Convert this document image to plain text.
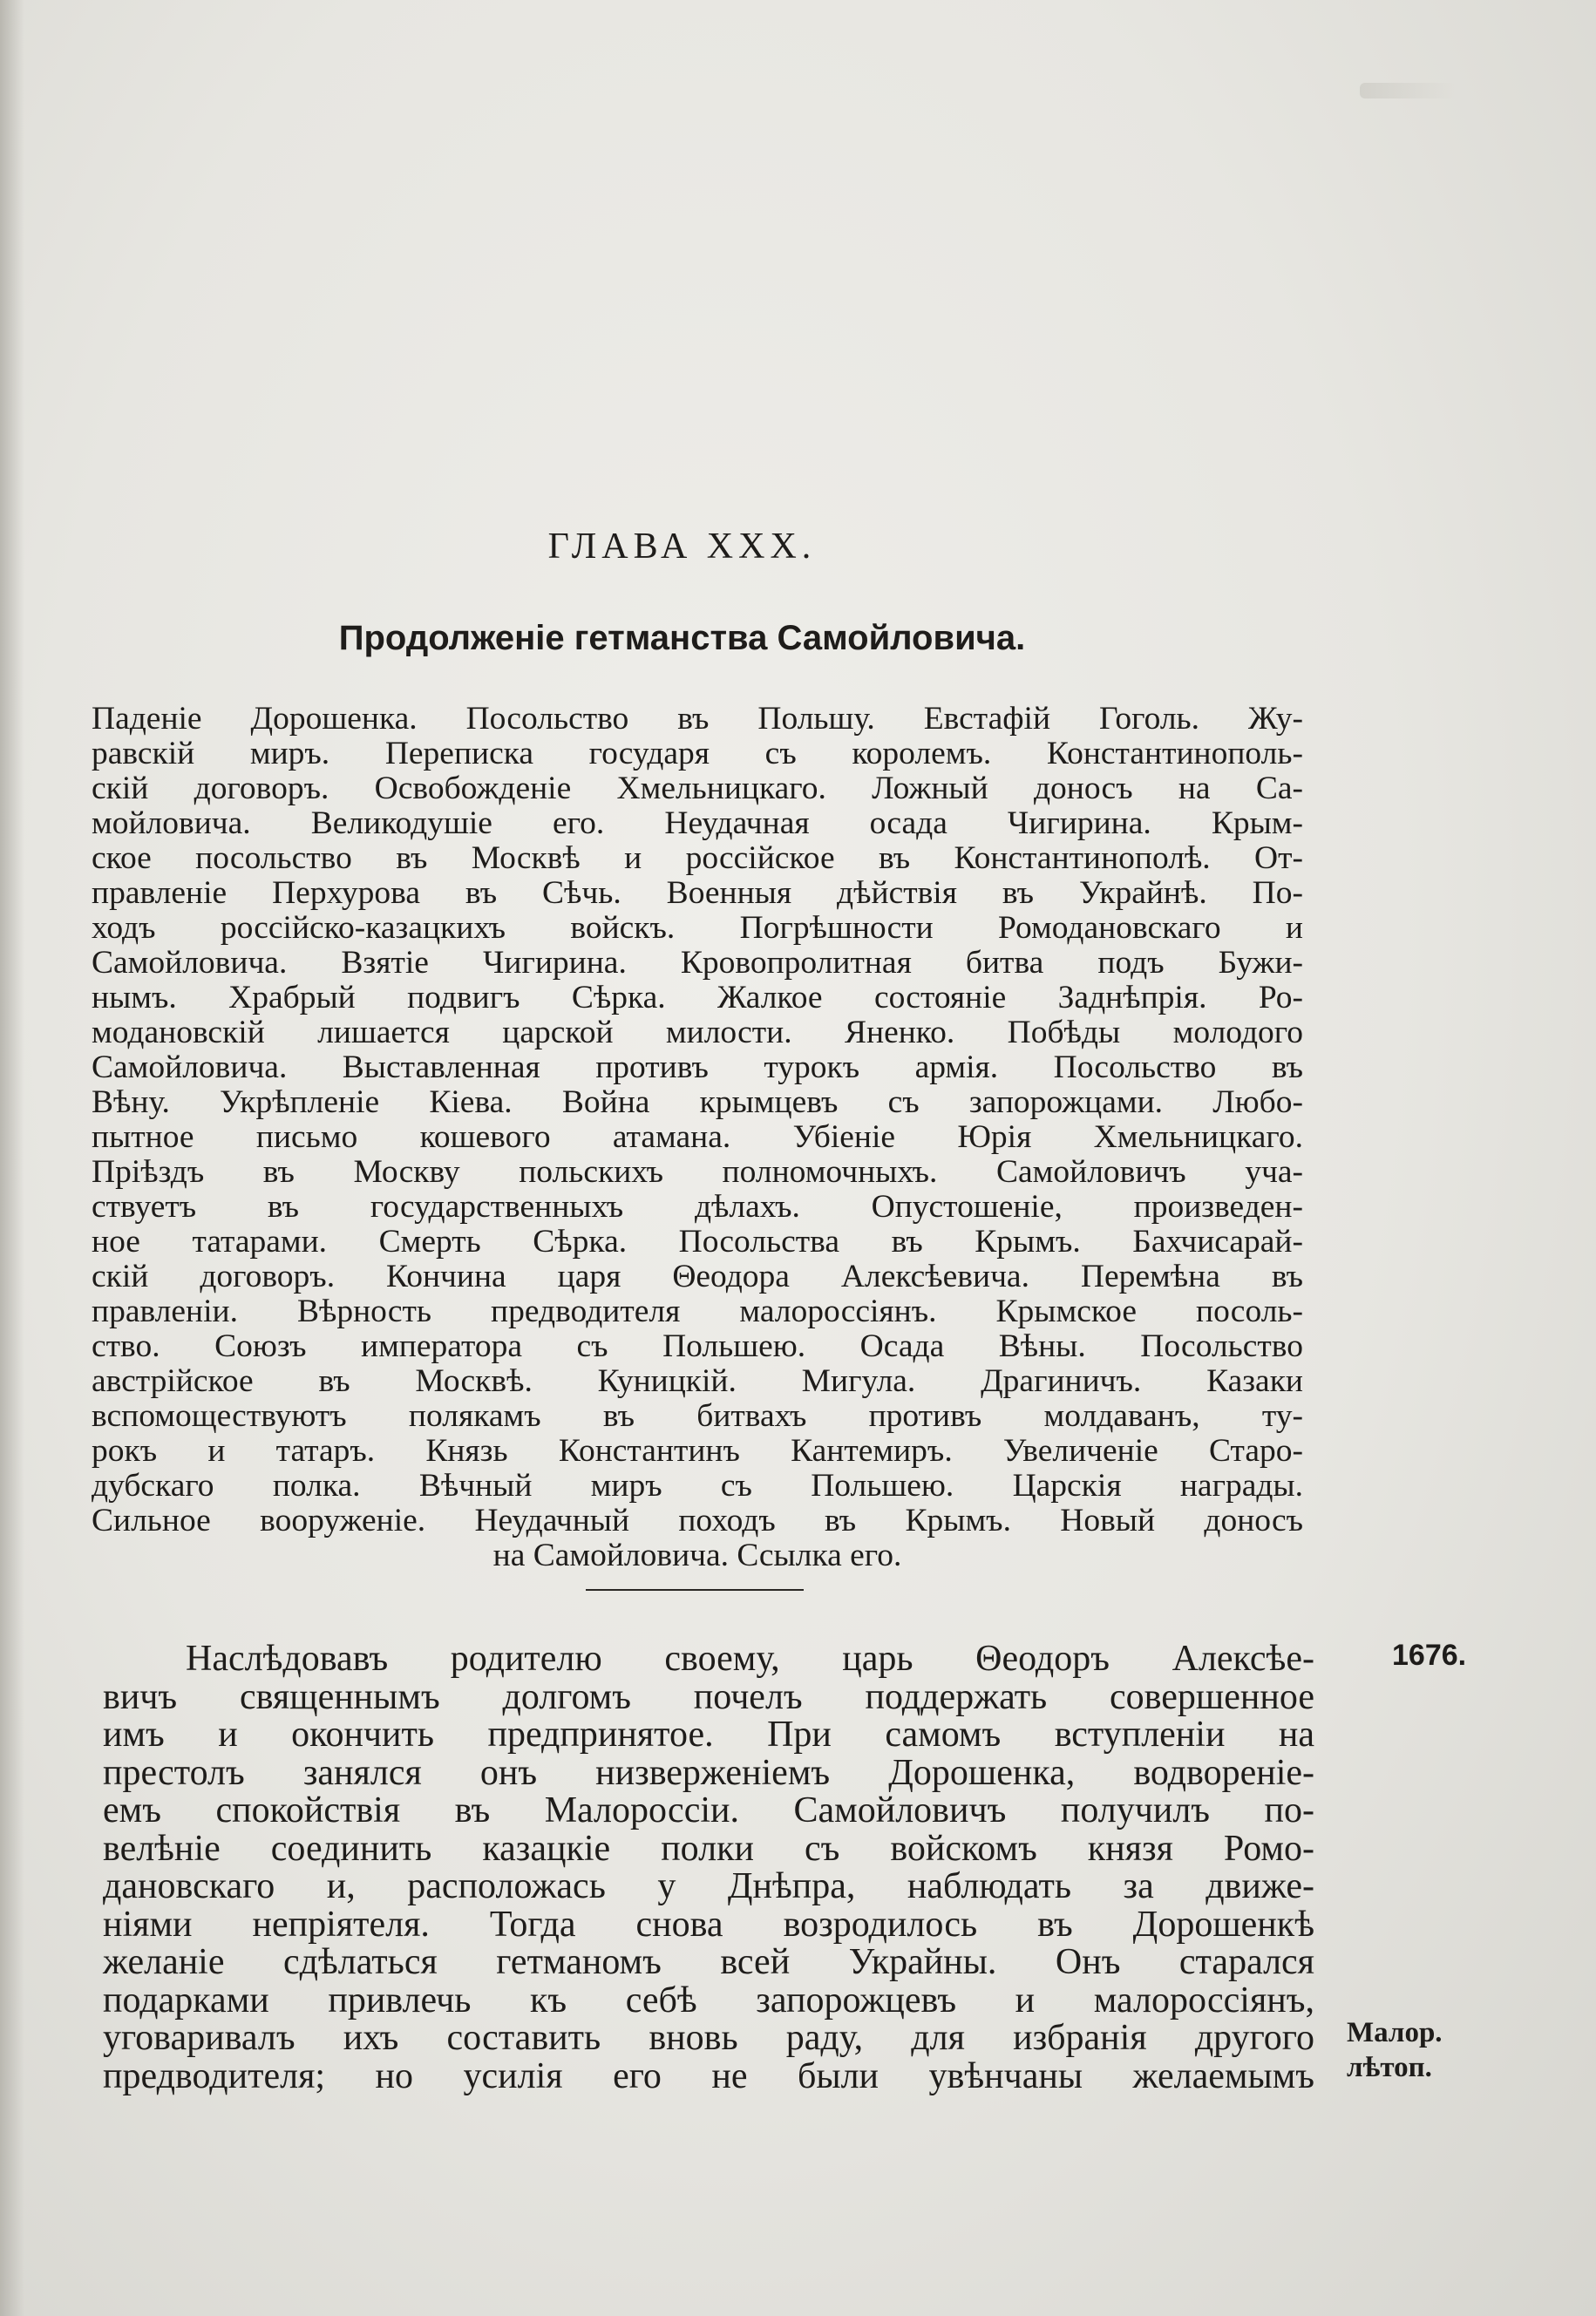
ГЛАВА XXX.
Продолженіе гетманства Самойловича.
Паденіе Дорошенка. Посольство въ Польшу. Евстафій Гоголь. Жу-
равскій миръ. Переписка государя съ королемъ. Константинополь-
скій договоръ. Освобожденіе Хмельницкаго. Ложный доносъ на Са-
мойловича. Великодушіе его. Неудачная осада Чигирина. Крым-
ское посольство въ Москвѣ и россійское въ Константинополѣ. От-
правленіе Перхурова въ Сѣчь. Военныя дѣйствія въ Украйнѣ. По-
ходъ россійско-казацкихъ войскъ. Погрѣшности Ромодановскаго и
Самойловича. Взятіе Чигирина. Кровопролитная битва подъ Бужи-
нымъ. Храбрый подвигъ Сѣрка. Жалкое состояніе Заднѣпрія. Ро-
модановскій лишается царской милости. Яненко. Побѣды молодого
Самойловича. Выставленная противъ турокъ армія. Посольство въ
Вѣну. Укрѣпленіе Кіева. Война крымцевъ съ запорожцами. Любо-
пытное письмо кошевого атамана. Убіеніе Юрія Хмельницкаго.
Пріѣздъ въ Москву польскихъ полномочныхъ. Самойловичъ уча-
ствуетъ въ государственныхъ дѣлахъ. Опустошеніе, произведен-
ное татарами. Смерть Сѣрка. Посольства въ Крымъ. Бахчисарай-
скій договоръ. Кончина царя Θеодора Алексѣевича. Перемѣна въ
правленіи. Вѣрность предводителя малороссіянъ. Крымское посоль-
ство. Союзъ императора съ Польшею. Осада Вѣны. Посольство
австрійское въ Москвѣ. Куницкій. Мигула. Драгиничъ. Казаки
вспомоществуютъ полякамъ въ битвахъ противъ молдаванъ, ту-
рокъ и татаръ. Князь Константинъ Кантемиръ. Увеличеніе Старо-
дубскаго полка. Вѣчный миръ съ Польшею. Царскія награды.
Сильное вооруженіе. Неудачный походъ въ Крымъ. Новый доносъ
на Самойловича. Ссылка его.
1676.
Наслѣдовавъ родителю своему, царь Θеодоръ Алексѣе-
вичъ священнымъ долгомъ почелъ поддержать совершенное
имъ и окончить предпринятое. При самомъ вступленіи на
престолъ занялся онъ низверженіемъ Дорошенка, водвореніе-
емъ спокойствія въ Малороссіи. Самойловичъ получилъ по-
велѣніе соединить казацкіе полки съ войскомъ князя Ромо-
дановскаго и, расположась у Днѣпра, наблюдать за движе-
ніями непріятеля. Тогда снова возродилось въ Дорошенкѣ
желаніе сдѣлаться гетманомъ всей Украйны. Онъ старался
подарками привлечь къ себѣ запорожцевъ и малороссіянъ,
уговаривалъ ихъ составить вновь раду, для избранія другого
предводителя; но усилія его не были увѣнчаны желаемымъ
Малор.
лѣтоп.
